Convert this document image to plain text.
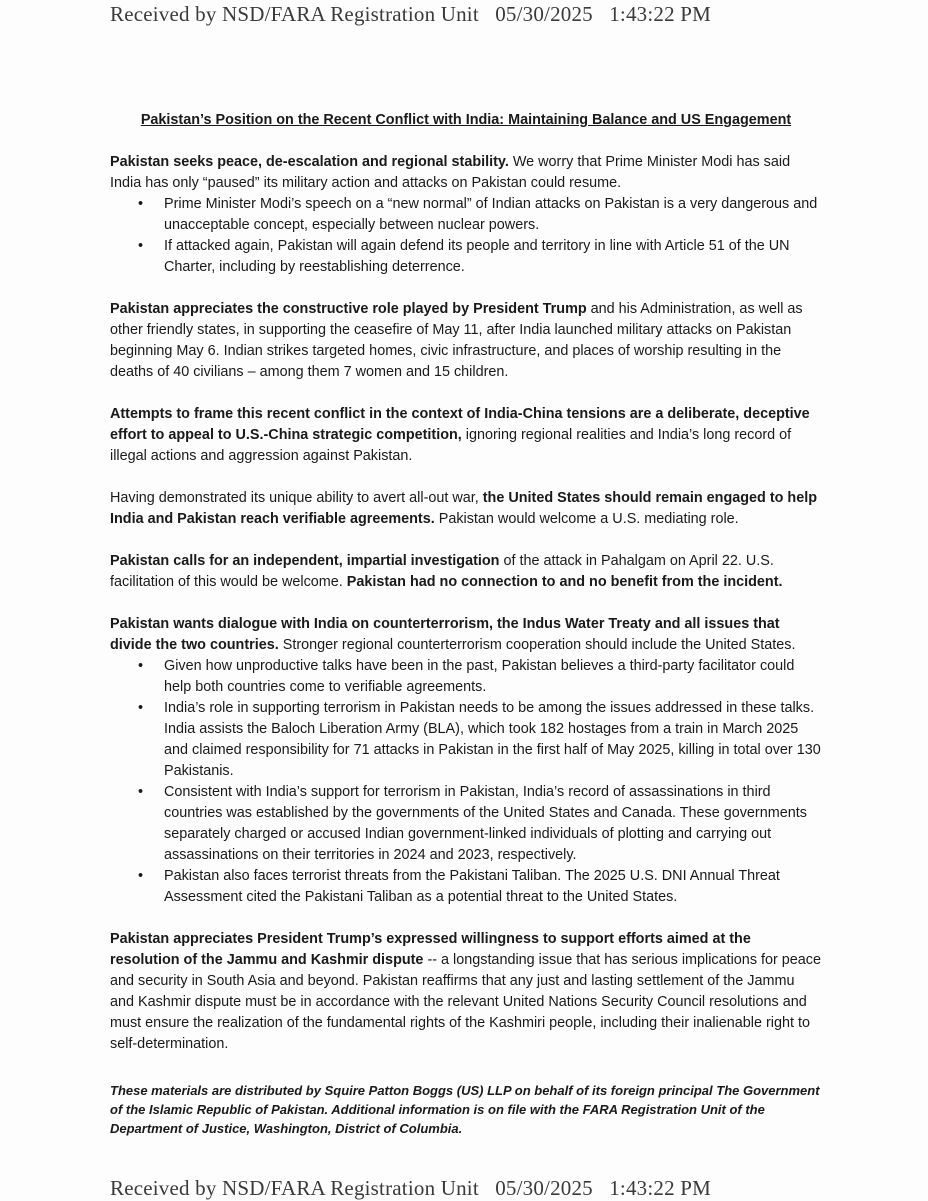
Received by NSD/FARA Registration Unit   05/30/2025   1:43:22 PM

Pakistan’s Position on the Recent Conflict with India: Maintaining Balance and US Engagement

Pakistan seeks peace, de-escalation and regional stability. We worry that Prime Minister Modi has said India has only “paused” its military action and attacks on Pakistan could resume.

• Prime Minister Modi’s speech on a “new normal” of Indian attacks on Pakistan is a very dangerous and unacceptable concept, especially between nuclear powers.
• If attacked again, Pakistan will again defend its people and territory in line with Article 51 of the UN Charter, including by reestablishing deterrence.

Pakistan appreciates the constructive role played by President Trump and his Administration, as well as other friendly states, in supporting the ceasefire of May 11, after India launched military attacks on Pakistan beginning May 6. Indian strikes targeted homes, civic infrastructure, and places of worship resulting in the deaths of 40 civilians – among them 7 women and 15 children.

Attempts to frame this recent conflict in the context of India-China tensions are a deliberate, deceptive effort to appeal to U.S.-China strategic competition, ignoring regional realities and India’s long record of illegal actions and aggression against Pakistan.

Having demonstrated its unique ability to avert all-out war, the United States should remain engaged to help India and Pakistan reach verifiable agreements. Pakistan would welcome a U.S. mediating role.

Pakistan calls for an independent, impartial investigation of the attack in Pahalgam on April 22. U.S. facilitation of this would be welcome. Pakistan had no connection to and no benefit from the incident.

Pakistan wants dialogue with India on counterterrorism, the Indus Water Treaty and all issues that divide the two countries. Stronger regional counterterrorism cooperation should include the United States.

• Given how unproductive talks have been in the past, Pakistan believes a third-party facilitator could help both countries come to verifiable agreements.
• India’s role in supporting terrorism in Pakistan needs to be among the issues addressed in these talks. India assists the Baloch Liberation Army (BLA), which took 182 hostages from a train in March 2025 and claimed responsibility for 71 attacks in Pakistan in the first half of May 2025, killing in total over 130 Pakistanis.
• Consistent with India’s support for terrorism in Pakistan, India’s record of assassinations in third countries was established by the governments of the United States and Canada. These governments separately charged or accused Indian government-linked individuals of plotting and carrying out assassinations on their territories in 2024 and 2023, respectively.
• Pakistan also faces terrorist threats from the Pakistani Taliban. The 2025 U.S. DNI Annual Threat Assessment cited the Pakistani Taliban as a potential threat to the United States.

Pakistan appreciates President Trump’s expressed willingness to support efforts aimed at the resolution of the Jammu and Kashmir dispute -- a longstanding issue that has serious implications for peace and security in South Asia and beyond. Pakistan reaffirms that any just and lasting settlement of the Jammu and Kashmir dispute must be in accordance with the relevant United Nations Security Council resolutions and must ensure the realization of the fundamental rights of the Kashmiri people, including their inalienable right to self-determination.

These materials are distributed by Squire Patton Boggs (US) LLP on behalf of its foreign principal The Government of the Islamic Republic of Pakistan. Additional information is on file with the FARA Registration Unit of the Department of Justice, Washington, District of Columbia.

Received by NSD/FARA Registration Unit   05/30/2025   1:43:22 PM
